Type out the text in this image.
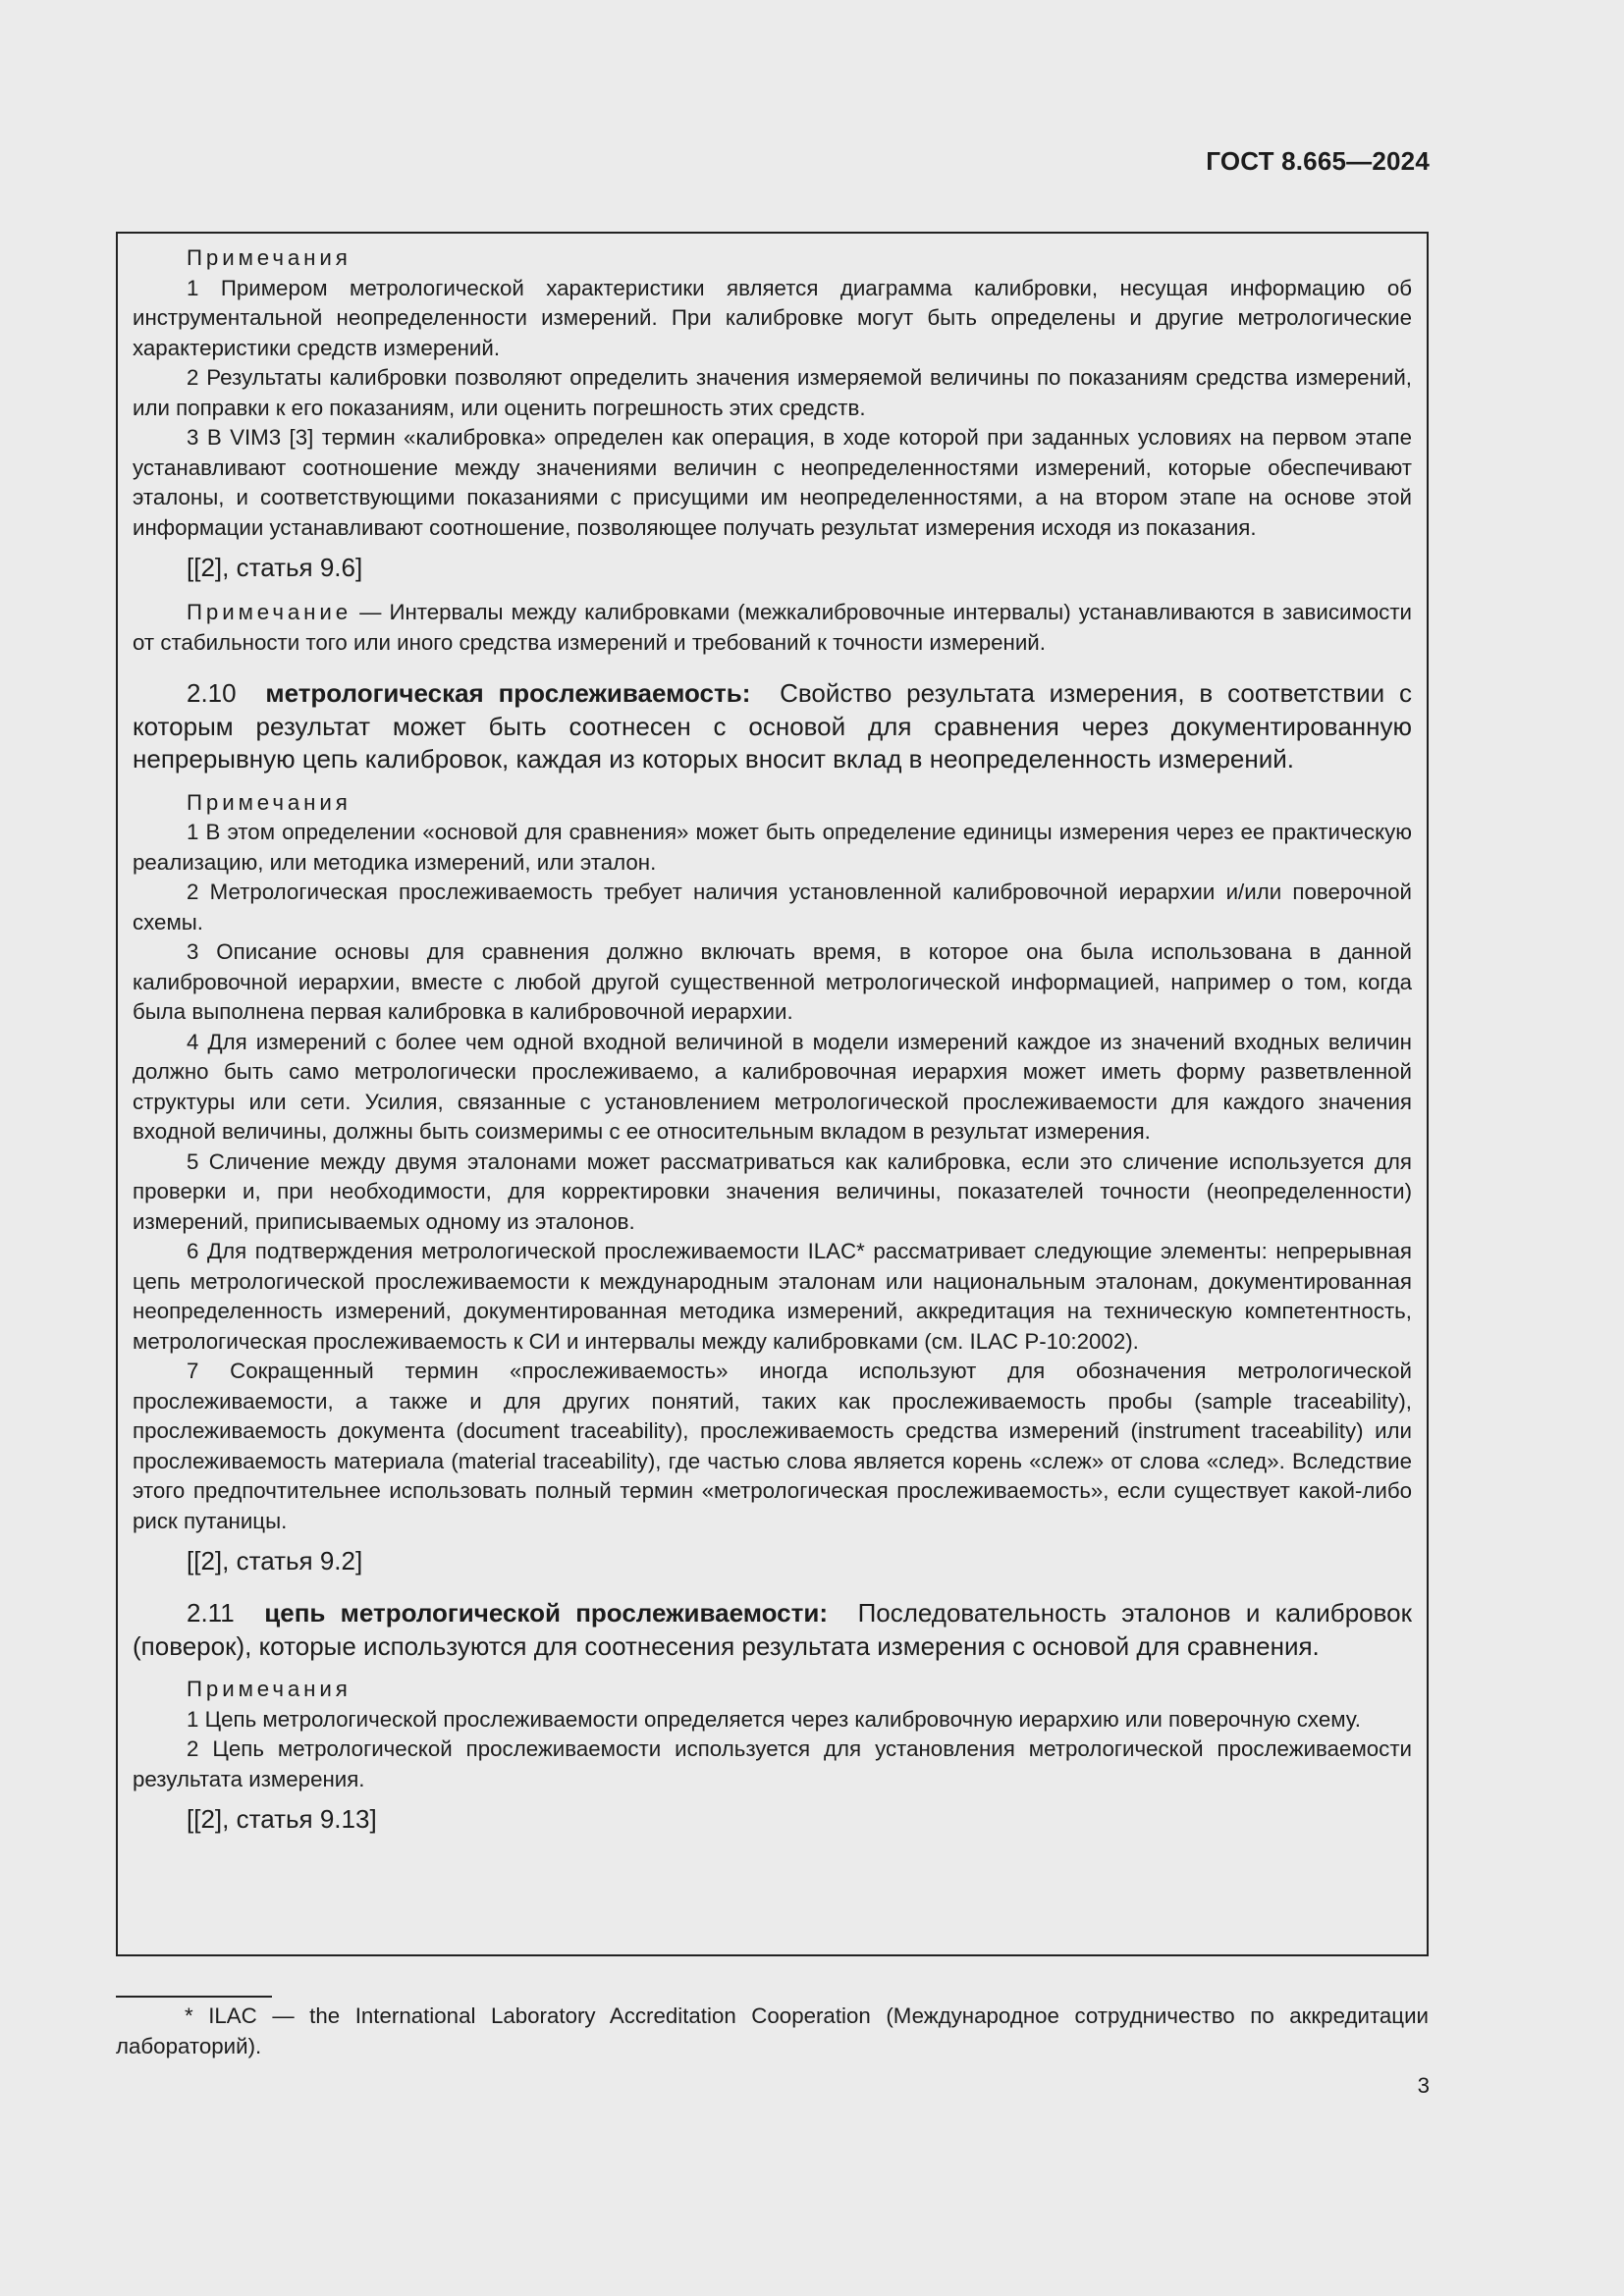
ГОСТ 8.665—2024

Примечания

1 Примером метрологической характеристики является диаграмма калибровки, несущая информацию об инструментальной неопределенности измерений. При калибровке могут быть определены и другие метрологические характеристики средств измерений.

2 Результаты калибровки позволяют определить значения измеряемой величины по показаниям средства измерений, или поправки к его показаниям, или оценить погрешность этих средств.

3 В VIM3 [3] термин «калибровка» определен как операция, в ходе которой при заданных условиях на первом этапе устанавливают соотношение между значениями величин с неопределенностями измерений, которые обеспечивают эталоны, и соответствующими показаниями с присущими им неопределенностями, а на втором этапе на основе этой информации устанавливают соотношение, позволяющее получать результат измерения исходя из показания.

[[2], статья 9.6]

Примечание — Интервалы между калибровками (межкалибровочные интервалы) устанавливаются в зависимости от стабильности того или иного средства измерений и требований к точности измерений.

2.10 метрологическая прослеживаемость: Свойство результата измерения, в соответствии с которым результат может быть соотнесен с основой для сравнения через документированную непрерывную цепь калибровок, каждая из которых вносит вклад в неопределенность измерений.

Примечания

1 В этом определении «основой для сравнения» может быть определение единицы измерения через ее практическую реализацию, или методика измерений, или эталон.

2 Метрологическая прослеживаемость требует наличия установленной калибровочной иерархии и/или поверочной схемы.

3 Описание основы для сравнения должно включать время, в которое она была использована в данной калибровочной иерархии, вместе с любой другой существенной метрологической информацией, например о том, когда была выполнена первая калибровка в калибровочной иерархии.

4 Для измерений с более чем одной входной величиной в модели измерений каждое из значений входных величин должно быть само метрологически прослеживаемо, а калибровочная иерархия может иметь форму разветвленной структуры или сети. Усилия, связанные с установлением метрологической прослеживаемости для каждого значения входной величины, должны быть соизмеримы с ее относительным вкладом в результат измерения.

5 Сличение между двумя эталонами может рассматриваться как калибровка, если это сличение используется для проверки и, при необходимости, для корректировки значения величины, показателей точности (неопределенности) измерений, приписываемых одному из эталонов.

6 Для подтверждения метрологической прослеживаемости ILAC* рассматривает следующие элементы: непрерывная цепь метрологической прослеживаемости к международным эталонам или национальным эталонам, документированная неопределенность измерений, документированная методика измерений, аккредитация на техническую компетентность, метрологическая прослеживаемость к СИ и интервалы между калибровками (см. ILAC P-10:2002).

7 Сокращенный термин «прослеживаемость» иногда используют для обозначения метрологической прослеживаемости, а также и для других понятий, таких как прослеживаемость пробы (sample traceability), прослеживаемость документа (document traceability), прослеживаемость средства измерений (instrument traceability) или прослеживаемость материала (material traceability), где частью слова является корень «слеж» от слова «след». Вследствие этого предпочтительнее использовать полный термин «метрологическая прослеживаемость», если существует какой-либо риск путаницы.

[[2], статья 9.2]

2.11 цепь метрологической прослеживаемости: Последовательность эталонов и калибровок (поверок), которые используются для соотнесения результата измерения с основой для сравнения.

Примечания

1 Цепь метрологической прослеживаемости определяется через калибровочную иерархию или поверочную схему.

2 Цепь метрологической прослеживаемости используется для установления метрологической прослеживаемости результата измерения.

[[2], статья 9.13]

* ILAC — the International Laboratory Accreditation Cooperation (Международное сотрудничество по аккредитации лабораторий).

3
